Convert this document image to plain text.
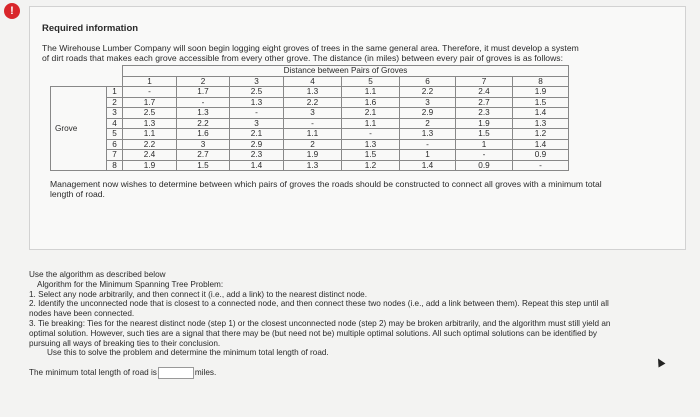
!
Required information
The Wirehouse Lumber Company will soon begin logging eight groves of trees in the same general area. Therefore, it must develop a system of dirt roads that makes each grove accessible from every other grove. The distance (in miles) between every pair of groves is as follows:
		Distance between Pairs of Groves							
		1	2	3	4	5	6	7	8
Grove	1	-	1.7	2.5	1.3	1.1	2.2	2.4	1.9
	2	1.7	-	1.3	2.2	1.6	3	2.7	1.5
	3	2.5	1.3	-	3	2.1	2.9	2.3	1.4
	4	1.3	2.2	3	-	1.1	2	1.9	1.3
	5	1.1	1.6	2.1	1.1	-	1.3	1.5	1.2
	6	2.2	3	2.9	2	1.3	-	1	1.4
	7	2.4	2.7	2.3	1.9	1.5	1	-	0.9
	8	1.9	1.5	1.4	1.3	1.2	1.4	0.9	-
Management now wishes to determine between which pairs of groves the roads should be constructed to connect all groves with a minimum total length of road.
Use the algorithm as described below
Algorithm for the Minimum Spanning Tree Problem:
1. Select any node arbitrarily, and then connect it (i.e., add a link) to the nearest distinct node.
2. Identify the unconnected node that is closest to a connected node, and then connect these two nodes (i.e., add a link between them). Repeat this step until all nodes have been connected.
3. Tie breaking: Ties for the nearest distinct node (step 1) or the closest unconnected node (step 2) may be broken arbitrarily, and the algorithm must still yield an optimal solution. However, such ties are a signal that there may be (but need not be) multiple optimal solutions. All such optimal solutions can be identified by pursuing all ways of breaking ties to their conclusion.
Use this to solve the problem and determine the minimum total length of road.
The minimum total length of road is	miles.
